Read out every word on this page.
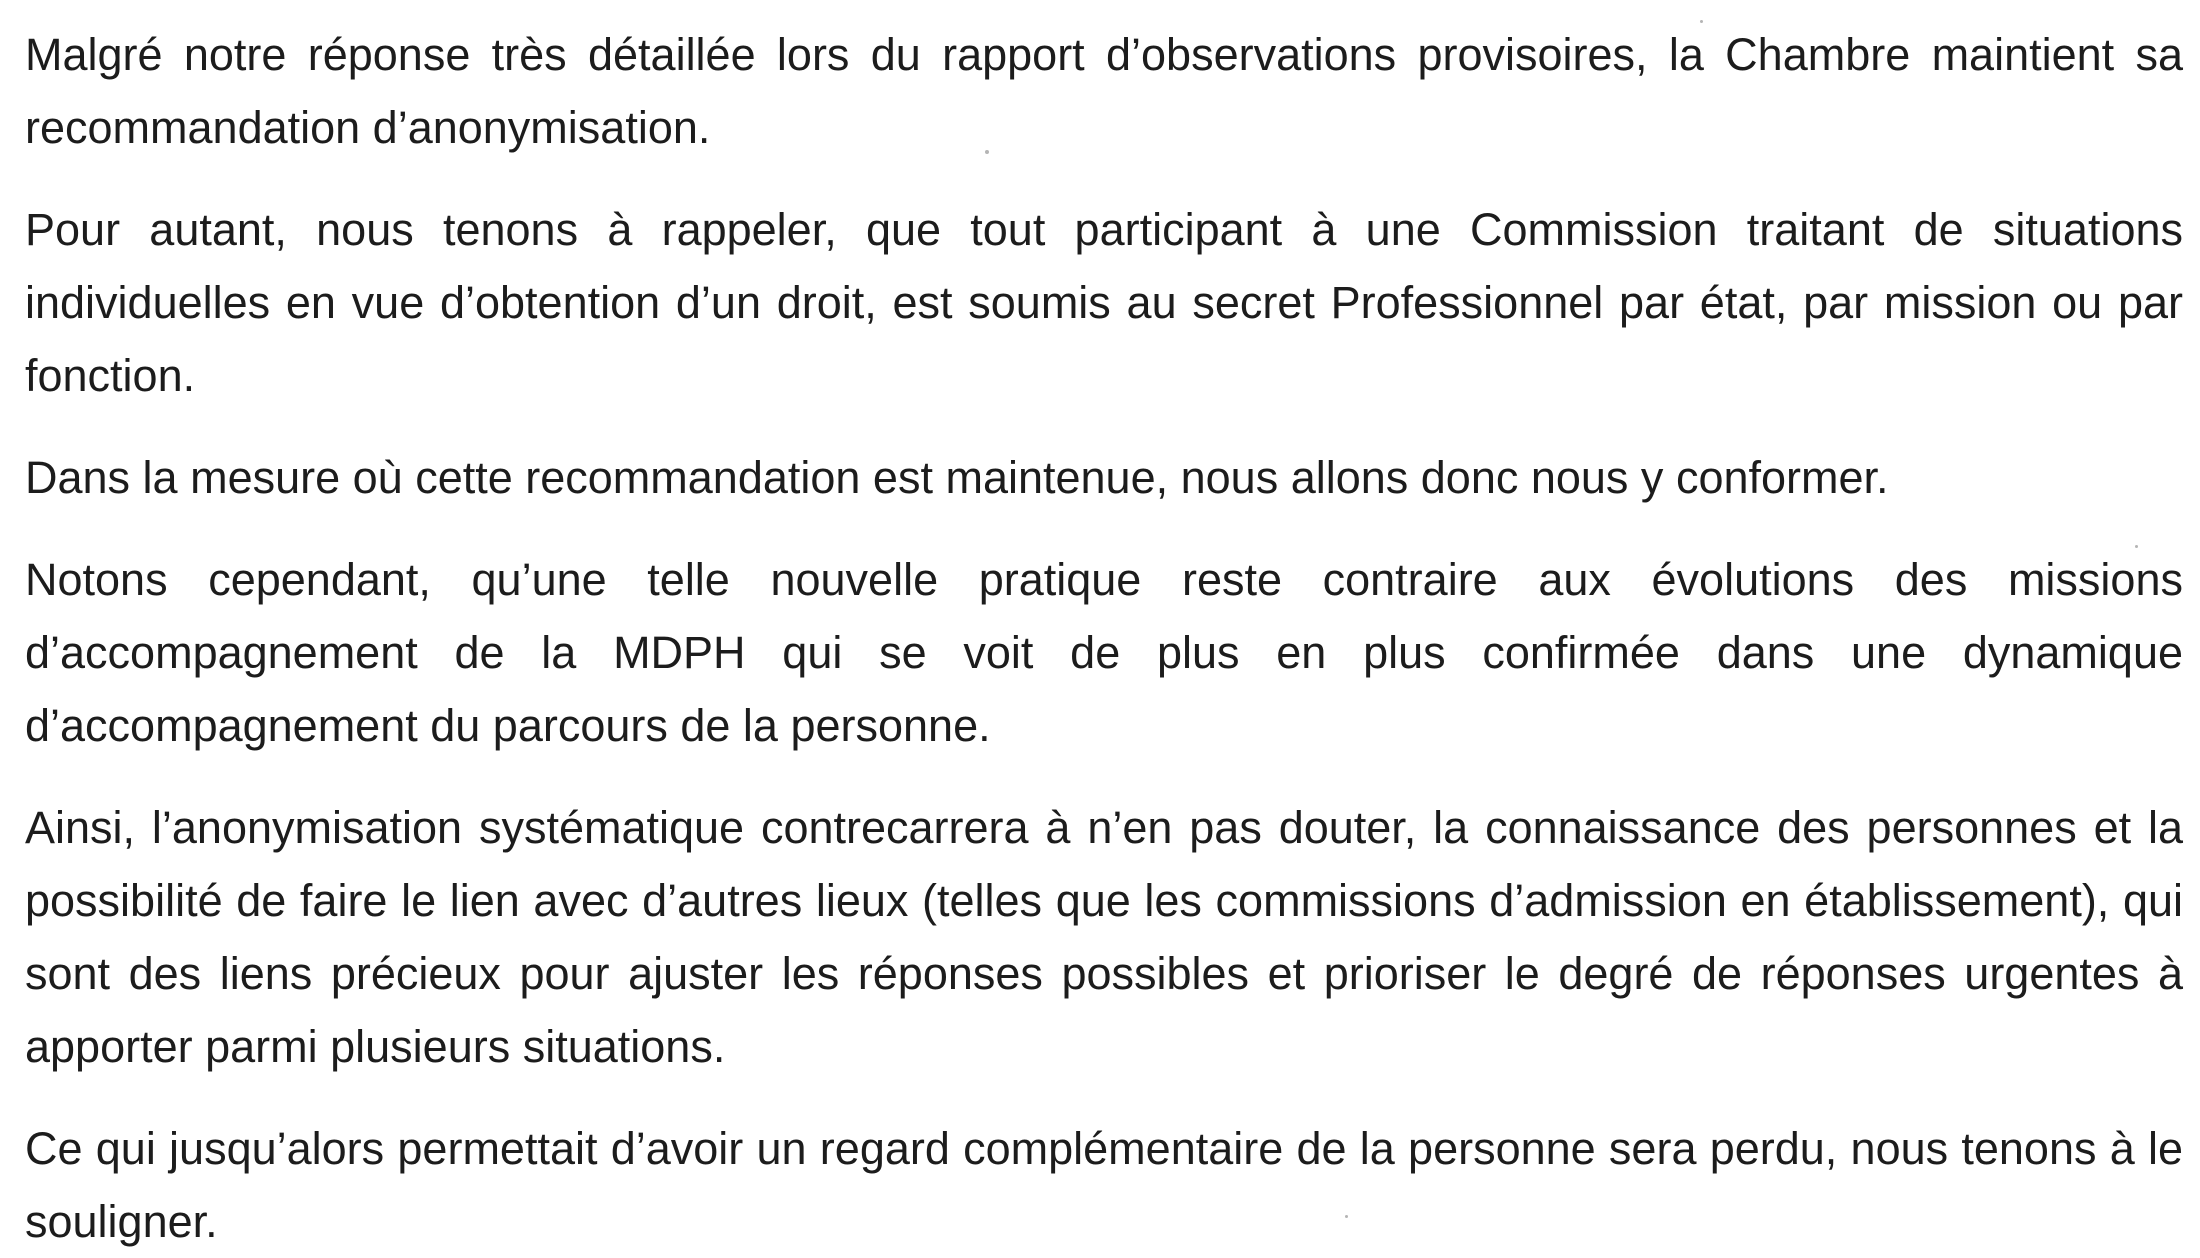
Malgré notre réponse très détaillée lors du rapport d’observations provisoires, la Chambre maintient sa recommandation d’anonymisation.

Pour autant, nous tenons à rappeler, que tout participant à une Commission traitant de situations individuelles en vue d’obtention d’un droit, est soumis au secret Professionnel par état, par mission ou par fonction.

Dans la mesure où cette recommandation est maintenue, nous allons donc nous y conformer.

Notons cependant, qu’une telle nouvelle pratique reste contraire aux évolutions des missions d’accompagnement de la MDPH qui se voit de plus en plus confirmée dans une dynamique d’accompagnement du parcours de la personne.

Ainsi, l’anonymisation systématique contrecarrera à n’en pas douter, la connaissance des personnes et la possibilité de faire le lien avec d’autres lieux (telles que les commissions d’admission en établissement), qui sont des liens précieux pour ajuster les réponses possibles et prioriser le degré de réponses urgentes à apporter parmi plusieurs situations.

Ce qui jusqu’alors permettait d’avoir un regard complémentaire de la personne sera perdu, nous tenons à le souligner.
